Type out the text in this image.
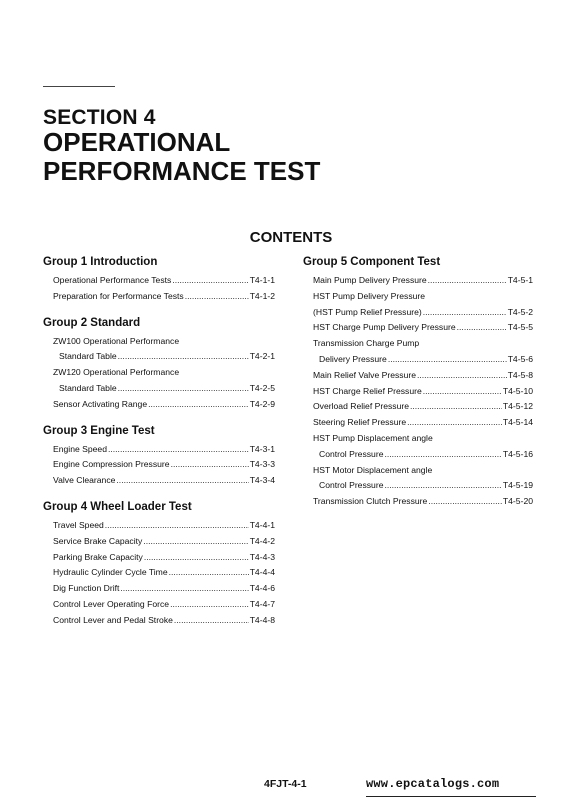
SECTION 4
OPERATIONAL
PERFORMANCE TEST
CONTENTS
Group 1 Introduction
Operational Performance Tests .....	T4-1-1
Preparation for Performance Tests .....	T4-1-2
Group 2 Standard
ZW100 Operational Performance
Standard Table .....	T4-2-1
ZW120 Operational Performance
Standard Table .....	T4-2-5
Sensor Activating Range .....	T4-2-9
Group 3 Engine Test
Engine Speed .....	T4-3-1
Engine Compression Pressure .....	T4-3-3
Valve Clearance .....	T4-3-4
Group 4 Wheel Loader Test
Travel Speed .....	T4-4-1
Service Brake Capacity .....	T4-4-2
Parking Brake Capacity .....	T4-4-3
Hydraulic Cylinder Cycle Time .....	T4-4-4
Dig Function Drift .....	T4-4-6
Control Lever Operating Force .....	T4-4-7
Control Lever and Pedal Stroke .....	T4-4-8
Group 5 Component Test
Main Pump Delivery Pressure .....	T4-5-1
HST Pump Delivery Pressure
(HST Pump Relief Pressure) .....	T4-5-2
HST Charge Pump Delivery Pressure .....	T4-5-5
Transmission Charge Pump
Delivery Pressure .....	T4-5-6
Main Relief Valve Pressure .....	T4-5-8
HST Charge Relief Pressure .....	T4-5-10
Overload Relief Pressure .....	T4-5-12
Steering Relief Pressure .....	T4-5-14
HST Pump Displacement angle
Control Pressure .....	T4-5-16
HST Motor Displacement angle
Control Pressure .....	T4-5-19
Transmission Clutch Pressure .....	T4-5-20
4FJT-4-1	www.epcatalogs.com
